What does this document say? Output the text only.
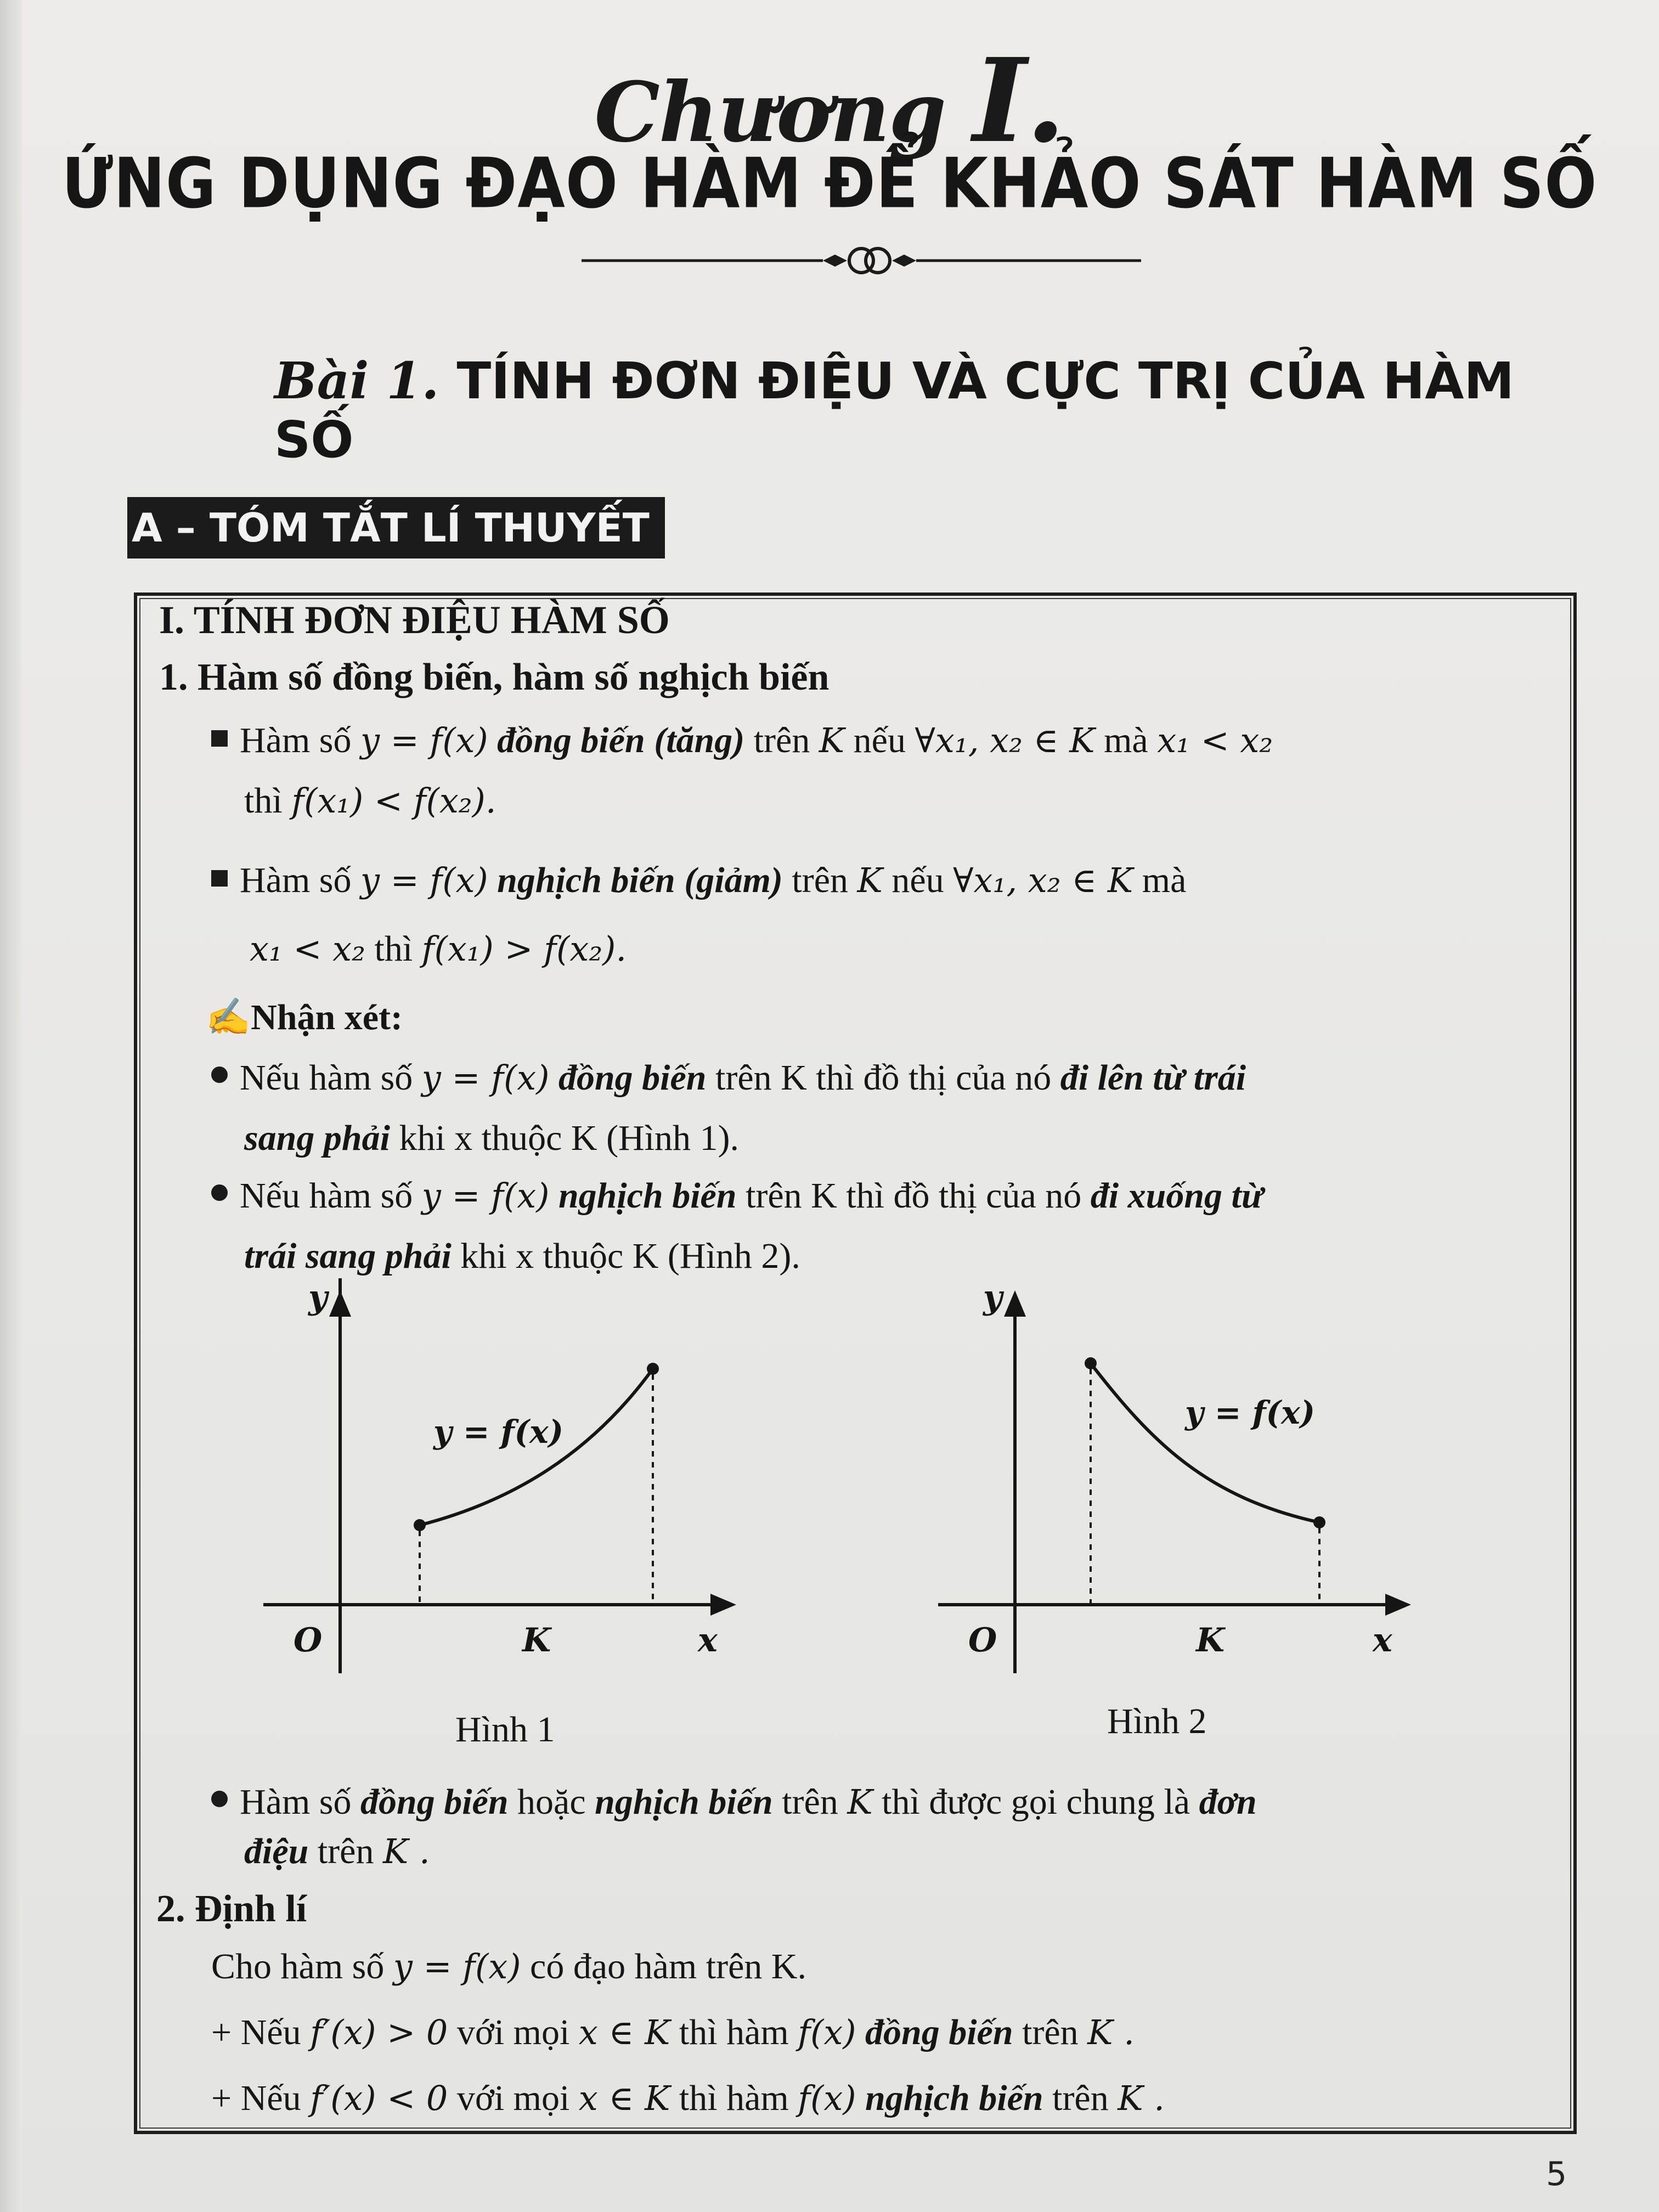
Chương I.
ỨNG DỤNG ĐẠO HÀM ĐỂ KHẢO SÁT HÀM SỐ
Bài 1. TÍNH ĐƠN ĐIỆU VÀ CỰC TRỊ CỦA HÀM SỐ
A – TÓM TẮT LÍ THUYẾT
I. TÍNH ĐƠN ĐIỆU HÀM SỐ
1. Hàm số đồng biến, hàm số nghịch biến
Hàm số y = f(x) đồng biến (tăng) trên K nếu ∀x₁, x₂ ∈ K mà x₁ < x₂
thì f(x₁) < f(x₂).
Hàm số y = f(x) nghịch biến (giảm) trên K nếu ∀x₁, x₂ ∈ K mà
x₁ < x₂ thì f(x₁) > f(x₂).
✍Nhận xét:
Nếu hàm số y = f(x) đồng biến trên K thì đồ thị của nó đi lên từ trái
sang phải khi x thuộc K (Hình 1).
Nếu hàm số y = f(x) nghịch biến trên K thì đồ thị của nó đi xuống từ
trái sang phải khi x thuộc K (Hình 2).
y
O	K	x
y = f(x)
Hình 1
y
O	K	x
y = f(x)
Hình 2
Hàm số đồng biến hoặc nghịch biến trên K thì được gọi chung là đơn
điệu trên K .
2. Định lí
Cho hàm số y = f(x) có đạo hàm trên K.
+ Nếu f′(x) > 0 với mọi x ∈ K thì hàm f(x) đồng biến trên K .
+ Nếu f′(x) < 0 với mọi x ∈ K thì hàm f(x) nghịch biến trên K .
5
